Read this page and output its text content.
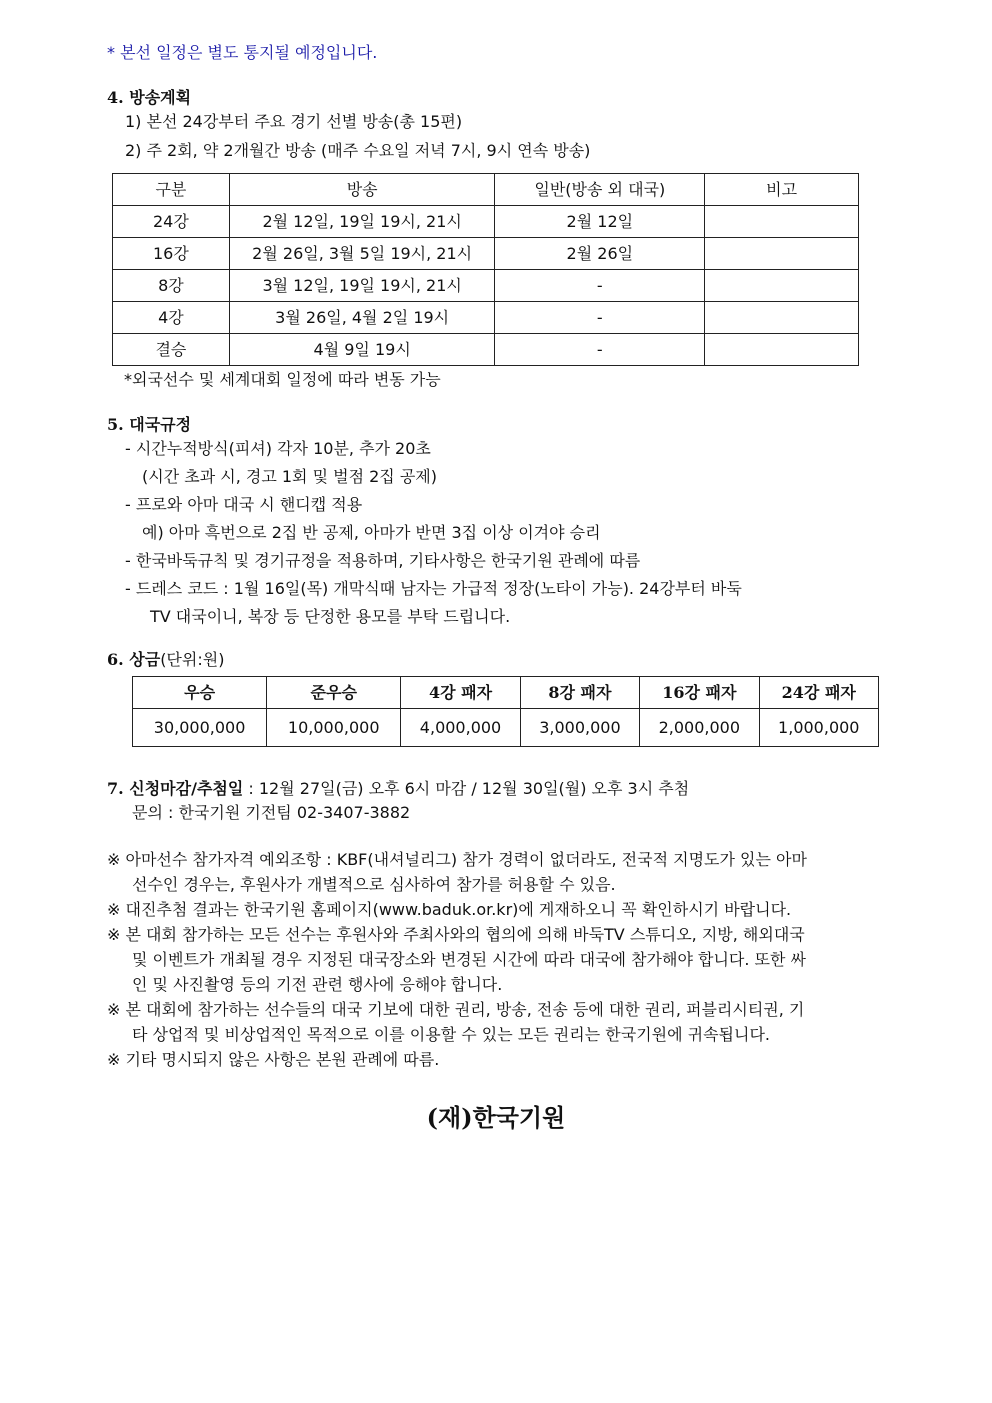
* 본선 일정은 별도 통지될 예정입니다.
4. 방송계획
1) 본선 24강부터 주요 경기 선별 방송(총 15편)
2) 주 2회, 약 2개월간 방송 (매주 수요일 저녁 7시, 9시 연속 방송)
구분	방송	일반(방송 외 대국)	비고
24강	2월 12일, 19일 19시, 21시	2월 12일	
16강	2월 26일, 3월 5일 19시, 21시	2월 26일	
8강	3월 12일, 19일 19시, 21시	-	
4강	3월 26일, 4월 2일 19시	-	
결승	4월 9일 19시	-	
*외국선수 및 세계대회 일정에 따라 변동 가능
5. 대국규정
- 시간누적방식(피셔) 각자 10분, 추가 20초
(시간 초과 시, 경고 1회 및 벌점 2집 공제)
- 프로와 아마 대국 시 핸디캡 적용
예) 아마 흑번으로 2집 반 공제, 아마가 반면 3집 이상 이겨야 승리
- 한국바둑규칙 및 경기규정을 적용하며, 기타사항은 한국기원 관례에 따름
- 드레스 코드 : 1월 16일(목) 개막식때 남자는 가급적 정장(노타이 가능). 24강부터 바둑
TV 대국이니, 복장 등 단정한 용모를 부탁 드립니다.
6. 상금(단위:원)
우승	준우승	4강 패자	8강 패자	16강 패자	24강 패자
30,000,000	10,000,000	4,000,000	3,000,000	2,000,000	1,000,000
7. 신청마감/추첨일 : 12월 27일(금) 오후 6시 마감 / 12월 30일(월) 오후 3시 추첨
문의 : 한국기원 기전팀 02-3407-3882
※ 아마선수 참가자격 예외조항 : KBF(내셔널리그) 참가 경력이 없더라도, 전국적 지명도가 있는 아마
선수인 경우는, 후원사가 개별적으로 심사하여 참가를 허용할 수 있음.
※ 대진추첨 결과는 한국기원 홈페이지(www.baduk.or.kr)에 게재하오니 꼭 확인하시기 바랍니다.
※ 본 대회 참가하는 모든 선수는 후원사와 주최사와의 협의에 의해 바둑TV 스튜디오, 지방, 해외대국
및 이벤트가 개최될 경우 지정된 대국장소와 변경된 시간에 따라 대국에 참가해야 합니다. 또한 싸
인 및 사진촬영 등의 기전 관련 행사에 응해야 합니다.
※ 본 대회에 참가하는 선수들의 대국 기보에 대한 권리, 방송, 전송 등에 대한 권리, 퍼블리시티권, 기
타 상업적 및 비상업적인 목적으로 이를 이용할 수 있는 모든 권리는 한국기원에 귀속됩니다.
※ 기타 명시되지 않은 사항은 본원 관례에 따름.
(재)한국기원
